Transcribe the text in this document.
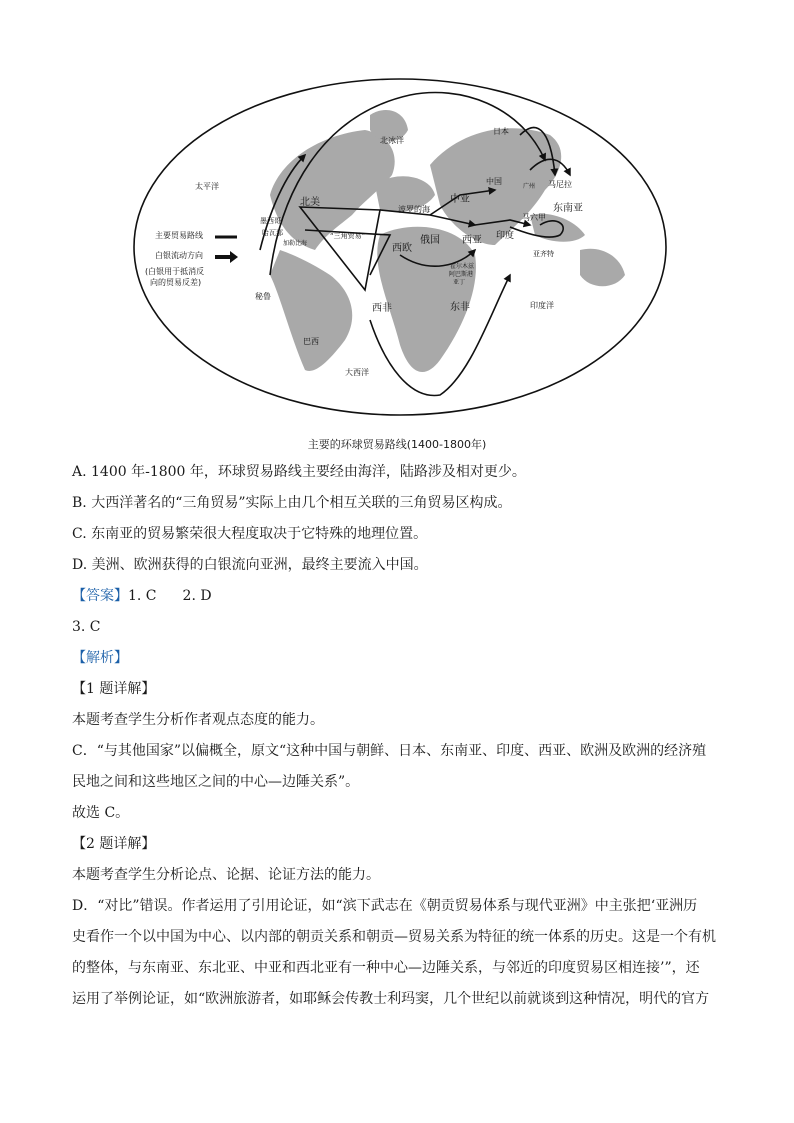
太平洋
北冰洋
日本
马尼拉
中国
广州
北美	中亚
波罗的海	东南亚
马六甲
墨西哥
哈瓦那
加勒比海
“三角贸易”
西欧
俄国 西亚 印度
亚齐特
霍尔木兹
阿巴斯港
亚丁
秘鲁
西非	东非	印度洋
巴西
大西洋
主要贸易路线
白银流动方向
(白银用于抵消反
向的贸易反差)
主要的环球贸易路线(1400-1800年)
A. 1400 年-1800 年，环球贸易路线主要经由海洋，陆路涉及相对更少。
B. 大西洋著名的“三角贸易”实际上由几个相互关联的三角贸易区构成。
C. 东南亚的贸易繁荣很大程度取决于它特殊的地理位置。
D. 美洲、欧洲获得的白银流向亚洲，最终主要流入中国。
【答案】1. C 2. D
3. C
【解析】
【1 题详解】
本题考查学生分析作者观点态度的能力。
C．“与其他国家”以偏概全，原文“这种中国与朝鲜、日本、东南亚、印度、西亚、欧洲及欧洲的经济殖
民地之间和这些地区之间的中心—边陲关系”。
故选 C。
【2 题详解】
本题考查学生分析论点、论据、论证方法的能力。
D．“对比”错误。作者运用了引用论证，如“滨下武志在《朝贡贸易体系与现代亚洲》中主张把‘亚洲历
史看作一个以中国为中心、以内部的朝贡关系和朝贡—贸易关系为特征的统一体系的历史。这是一个有机
的整体，与东南亚、东北亚、中亚和西北亚有一种中心—边陲关系，与邻近的印度贸易区相连接’”，还
运用了举例论证，如“欧洲旅游者，如耶稣会传教士利玛窦，几个世纪以前就谈到这种情况，明代的官方
